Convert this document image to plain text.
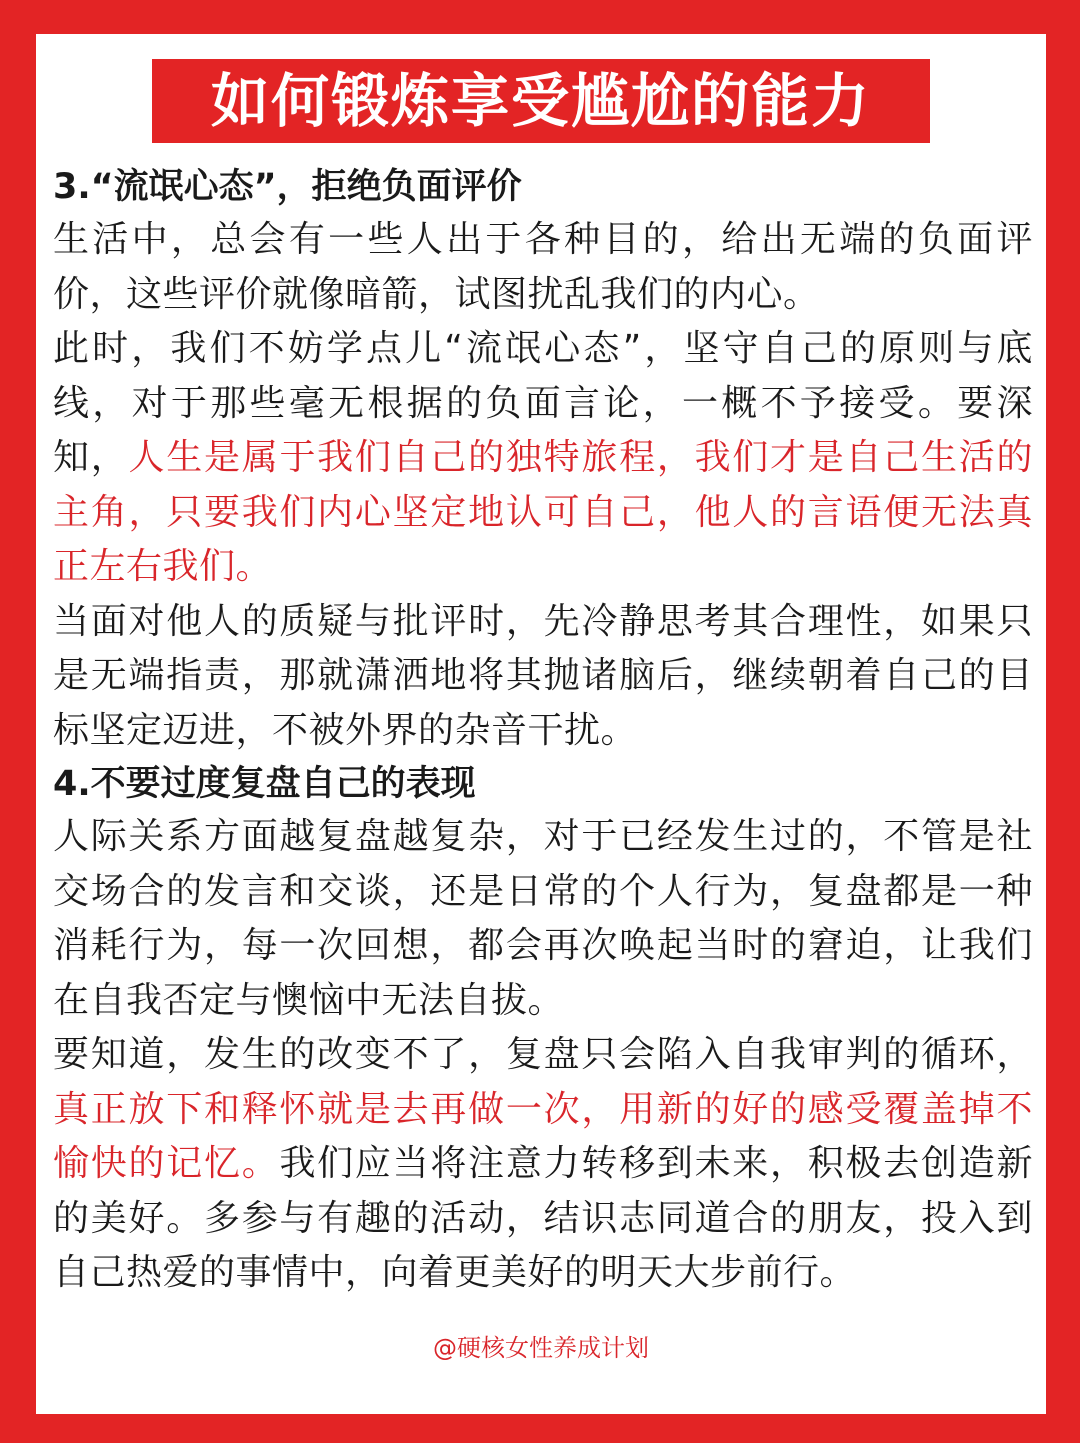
如何锻炼享受尴尬的能力
3.“流氓心态”，拒绝负面评价

生活中，总会有一些人出于各种目的，给出无端的负面评价，这些评价就像暗箭，试图扰乱我们的内心。

此时，我们不妨学点儿“流氓心态”，坚守自己的原则与底线，对于那些毫无根据的负面言论，一概不予接受。要深知，人生是属于我们自己的独特旅程，我们才是自己生活的主角，只要我们内心坚定地认可自己，他人的言语便无法真正左右我们。

当面对他人的质疑与批评时，先冷静思考其合理性，如果只是无端指责，那就潇洒地将其抛诸脑后，继续朝着自己的目标坚定迈进，不被外界的杂音干扰。

4.不要过度复盘自己的表现

人际关系方面越复盘越复杂，对于已经发生过的，不管是社交场合的发言和交谈，还是日常的个人行为，复盘都是一种消耗行为，每一次回想，都会再次唤起当时的窘迫，让我们在自我否定与懊恼中无法自拔。

要知道，发生的改变不了，复盘只会陷入自我审判的循环，真正放下和释怀就是去再做一次，用新的好的感受覆盖掉不愉快的记忆。我们应当将注意力转移到未来，积极去创造新的美好。多参与有趣的活动，结识志同道合的朋友，投入到自己热爱的事情中，向着更美好的明天大步前行。

@硬核女性养成计划
